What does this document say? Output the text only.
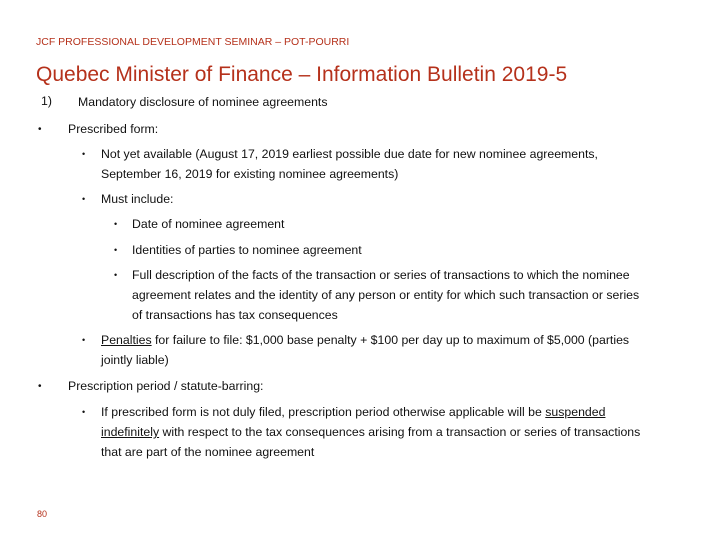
JCF PROFESSIONAL DEVELOPMENT SEMINAR – POT-POURRI
Quebec Minister of Finance – Information Bulletin 2019-5
1) Mandatory disclosure of nominee agreements
• Prescribed form:
• Not yet available (August 17, 2019 earliest possible due date for new nominee agreements,
September 16, 2019 for existing nominee agreements)
• Must include:
• Date of nominee agreement
• Identities of parties to nominee agreement
• Full description of the facts of the transaction or series of transactions to which the nominee
agreement relates and the identity of any person or entity for which such transaction or series
of transactions has tax consequences
• Penalties for failure to file: $1,000 base penalty + $100 per day up to maximum of $5,000 (parties
jointly liable)
• Prescription period / statute-barring:
• If prescribed form is not duly filed, prescription period otherwise applicable will be suspended
indefinitely with respect to the tax consequences arising from a transaction or series of transactions
that are part of the nominee agreement
80
